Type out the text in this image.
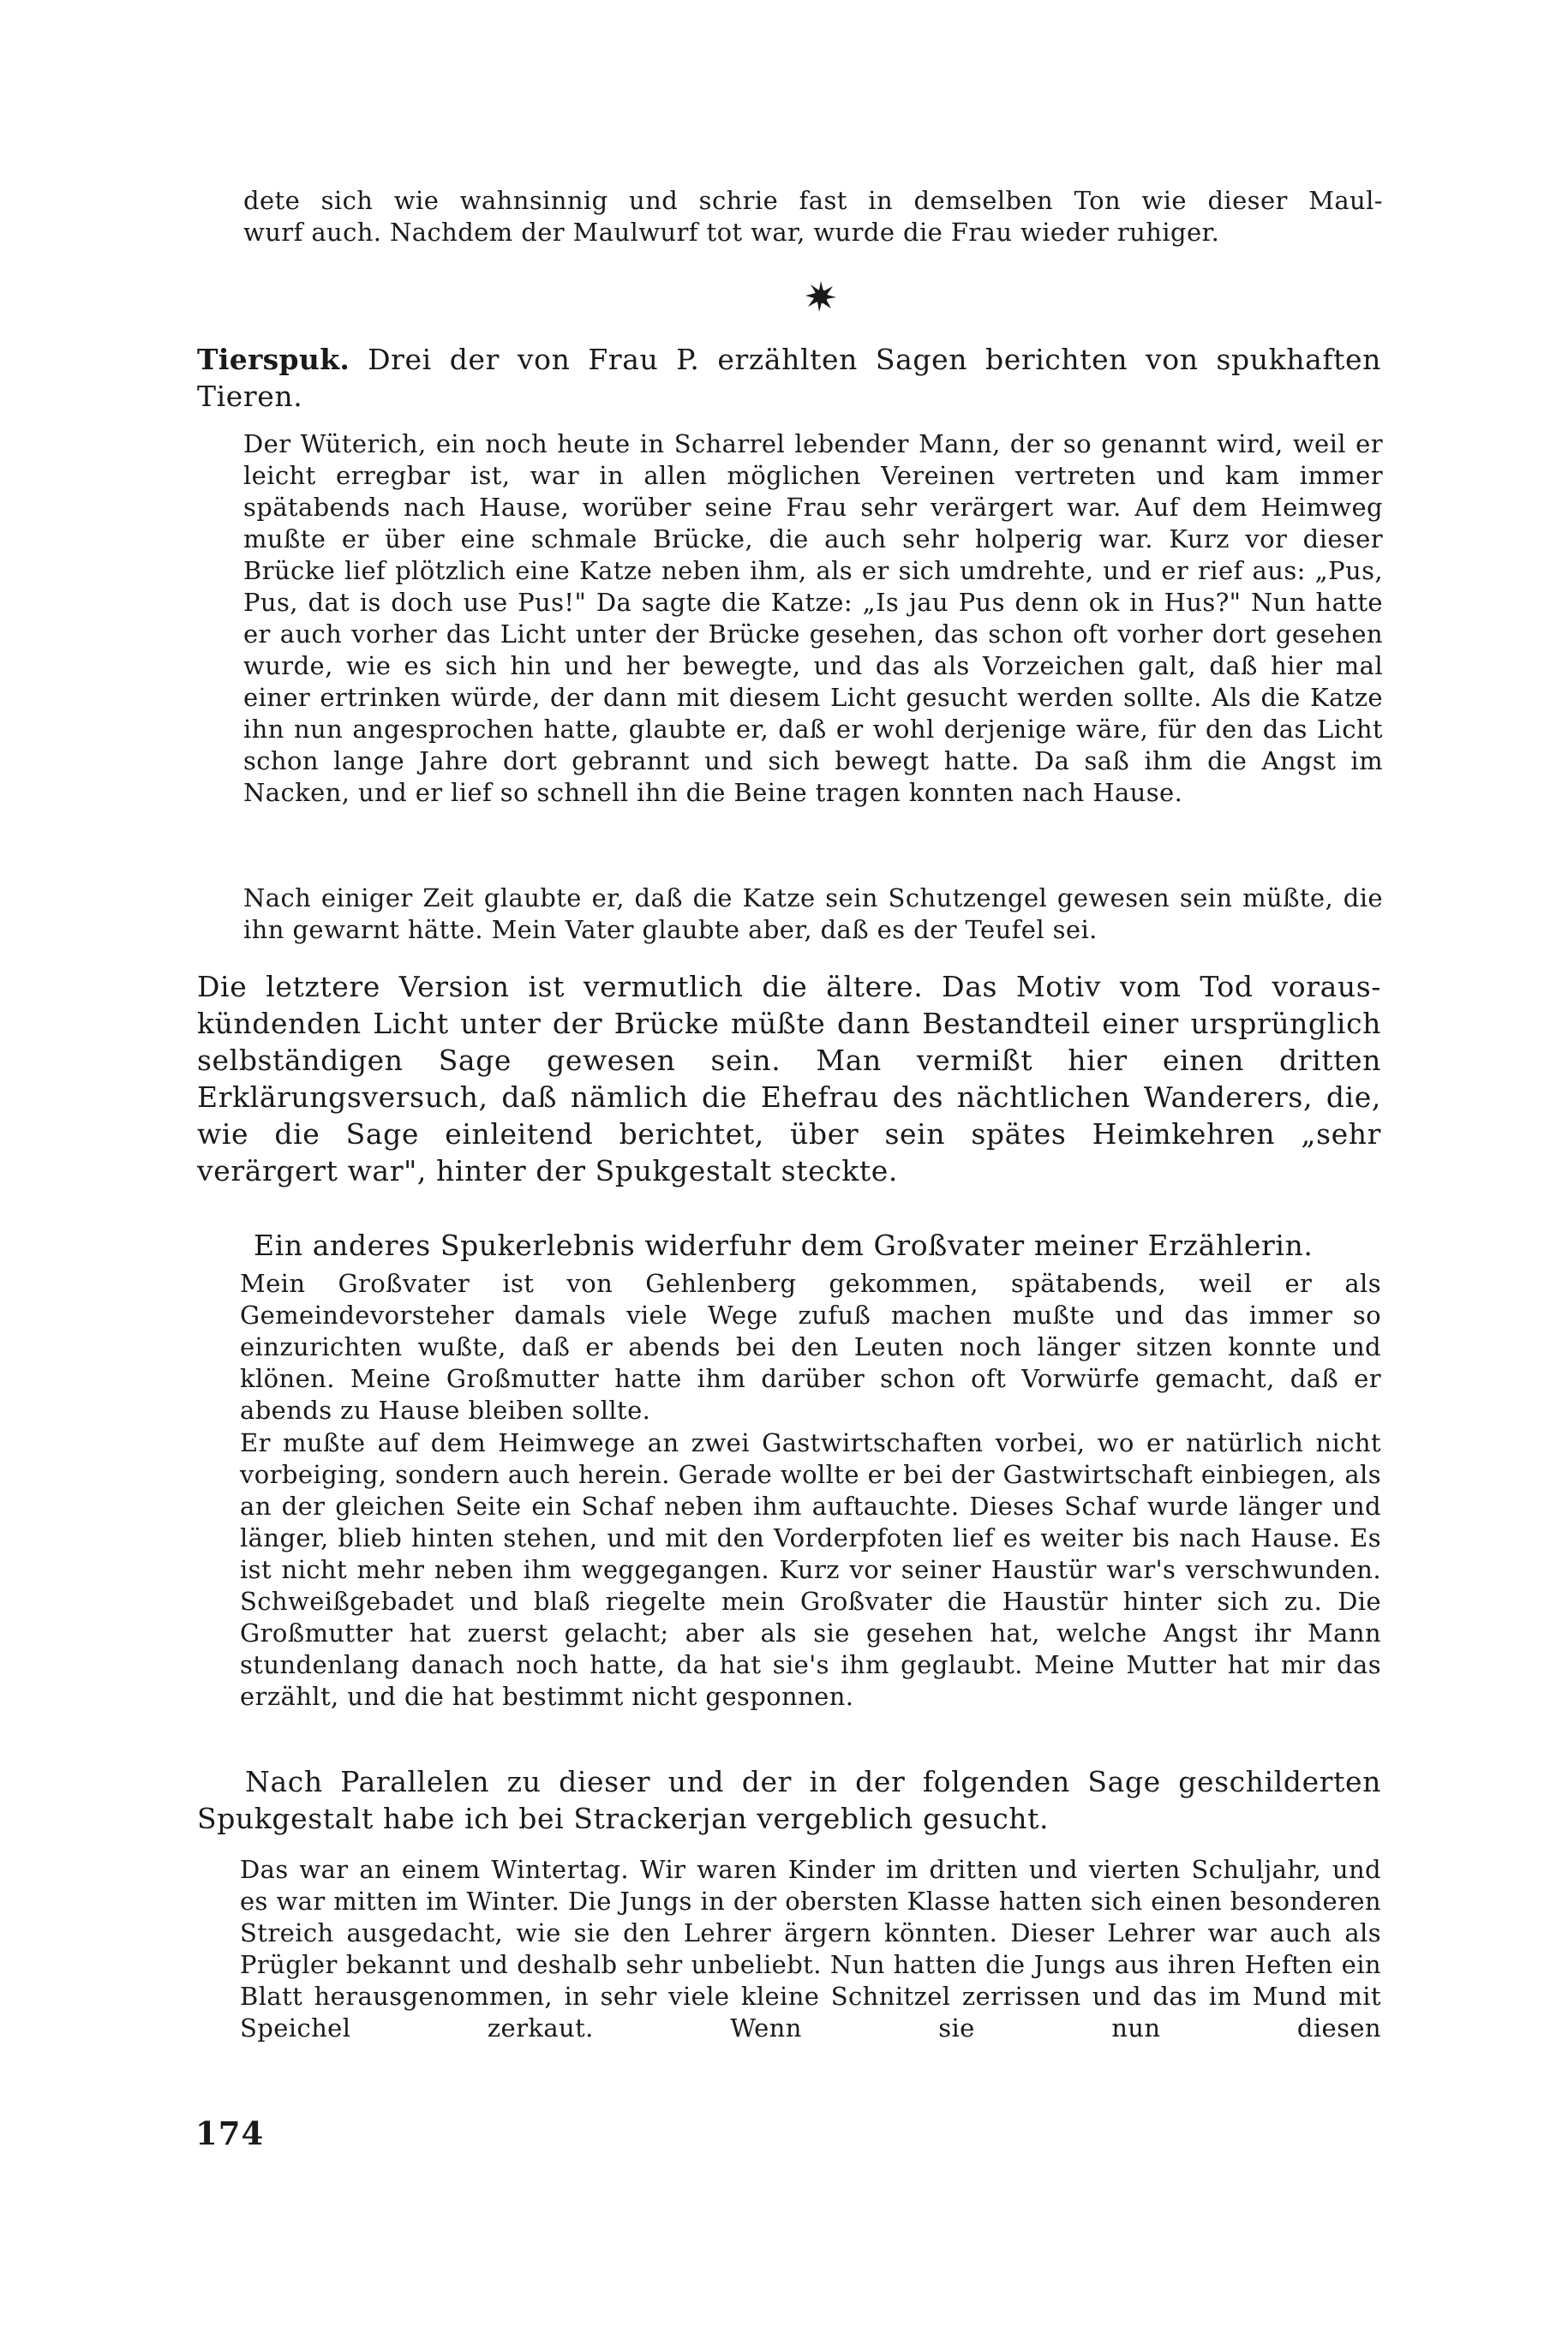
dete sich wie wahnsinnig und schrie fast in demselben Ton wie dieser Maul-

wurf auch. Nachdem der Maulwurf tot war, wurde die Frau wieder ruhiger.

Tierspuk. Drei der von Frau P. erzählten Sagen berichten von spukhaften Tieren.

Der Wüterich, ein noch heute in Scharrel lebender Mann, der so genannt wird, weil er leicht erregbar ist, war in allen möglichen Vereinen vertreten und kam immer spätabends nach Hause, worüber seine Frau sehr verärgert war. Auf dem Heimweg mußte er über eine schmale Brücke, die auch sehr holperig war. Kurz vor dieser Brücke lief plötzlich eine Katze neben ihm, als er sich umdrehte, und er rief aus: „Pus, Pus, dat is doch use Pus!" Da sagte die Katze: „Is jau Pus denn ok in Hus?" Nun hatte er auch vorher das Licht unter der Brücke gesehen, das schon oft vorher dort gesehen wurde, wie es sich hin und her bewegte, und das als Vorzeichen galt, daß hier mal einer ertrinken würde, der dann mit diesem Licht gesucht werden sollte. Als die Katze ihn nun angesprochen hatte, glaubte er, daß er wohl derjenige wäre, für den das Licht schon lange Jahre dort gebrannt und sich bewegt hatte. Da saß ihm die Angst im Nacken, und er lief so schnell ihn die Beine tragen konnten nach Hause.

Nach einiger Zeit glaubte er, daß die Katze sein Schutzengel gewesen sein müßte, die ihn gewarnt hätte. Mein Vater glaubte aber, daß es der Teufel sei.

Die letztere Version ist vermutlich die ältere. Das Motiv vom Tod voraus-kündenden Licht unter der Brücke müßte dann Bestandteil einer ursprünglich selbständigen Sage gewesen sein. Man vermißt hier einen dritten Erklärungsversuch, daß nämlich die Ehefrau des nächtlichen Wanderers, die, wie die Sage einleitend berichtet, über sein spätes Heimkehren „sehr verärgert war", hinter der Spukgestalt steckte.

Ein anderes Spukerlebnis widerfuhr dem Großvater meiner Erzählerin.

Mein Großvater ist von Gehlenberg gekommen, spätabends, weil er als Gemeindevorsteher damals viele Wege zufuß machen mußte und das immer so einzurichten wußte, daß er abends bei den Leuten noch länger sitzen konnte und klönen. Meine Großmutter hatte ihm darüber schon oft Vorwürfe gemacht, daß er abends zu Hause bleiben sollte.

Er mußte auf dem Heimwege an zwei Gastwirtschaften vorbei, wo er natürlich nicht vorbeiging, sondern auch herein. Gerade wollte er bei der Gastwirtschaft einbiegen, als an der gleichen Seite ein Schaf neben ihm auftauchte. Dieses Schaf wurde länger und länger, blieb hinten stehen, und mit den Vorderpfoten lief es weiter bis nach Hause. Es ist nicht mehr neben ihm weggegangen. Kurz vor seiner Haustür war's verschwunden. Schweißgebadet und blaß riegelte mein Großvater die Haustür hinter sich zu. Die Großmutter hat zuerst gelacht; aber als sie gesehen hat, welche Angst ihr Mann stundenlang danach noch hatte, da hat sie's ihm geglaubt. Meine Mutter hat mir das erzählt, und die hat bestimmt nicht gesponnen.

Nach Parallelen zu dieser und der in der folgenden Sage geschilderten Spukgestalt habe ich bei Strackerjan vergeblich gesucht.

Das war an einem Wintertag. Wir waren Kinder im dritten und vierten Schuljahr, und es war mitten im Winter. Die Jungs in der obersten Klasse hatten sich einen besonderen Streich ausgedacht, wie sie den Lehrer ärgern könnten. Dieser Lehrer war auch als Prügler bekannt und deshalb sehr unbeliebt. Nun hatten die Jungs aus ihren Heften ein Blatt herausgenommen, in sehr viele kleine Schnitzel zerrissen und das im Mund mit Speichel zerkaut. Wenn sie nun diesen

174
